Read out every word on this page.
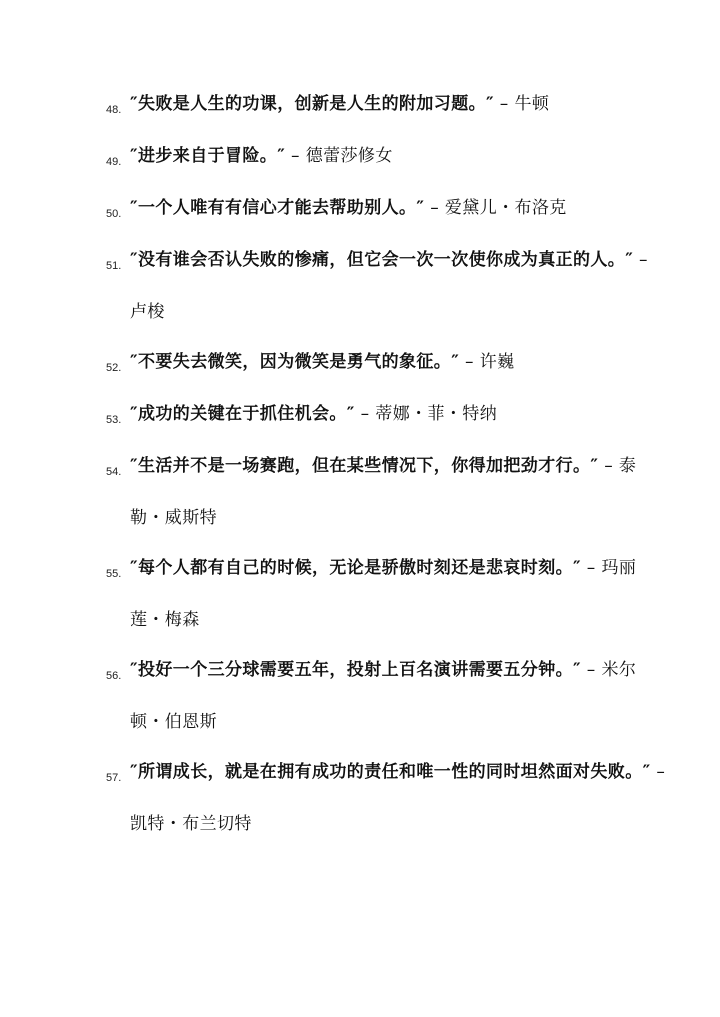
48. ″失败是人生的功课，创新是人生的附加习题。″ – 牛顿
49. ″进步来自于冒险。″ – 德蕾莎修女
50. ″一个人唯有有信心才能去帮助别人。″ – 爱黛儿・布洛克
51. ″没有谁会否认失败的惨痛，但它会一次一次使你成为真正的人。″ – 卢梭
52. ″不要失去微笑，因为微笑是勇气的象征。″ – 许巍
53. ″成功的关键在于抓住机会。″ – 蒂娜・菲・特纳
54. ″生活并不是一场赛跑，但在某些情况下，你得加把劲才行。″ – 泰勒・威斯特
55. ″每个人都有自己的时候，无论是骄傲时刻还是悲哀时刻。″ – 玛丽莲・梅森
56. ″投好一个三分球需要五年，投射上百名演讲需要五分钟。″ – 米尔顿・伯恩斯
57. ″所谓成长，就是在拥有成功的责任和唯一性的同时坦然面对失败。″ – 凯特・布兰切特
